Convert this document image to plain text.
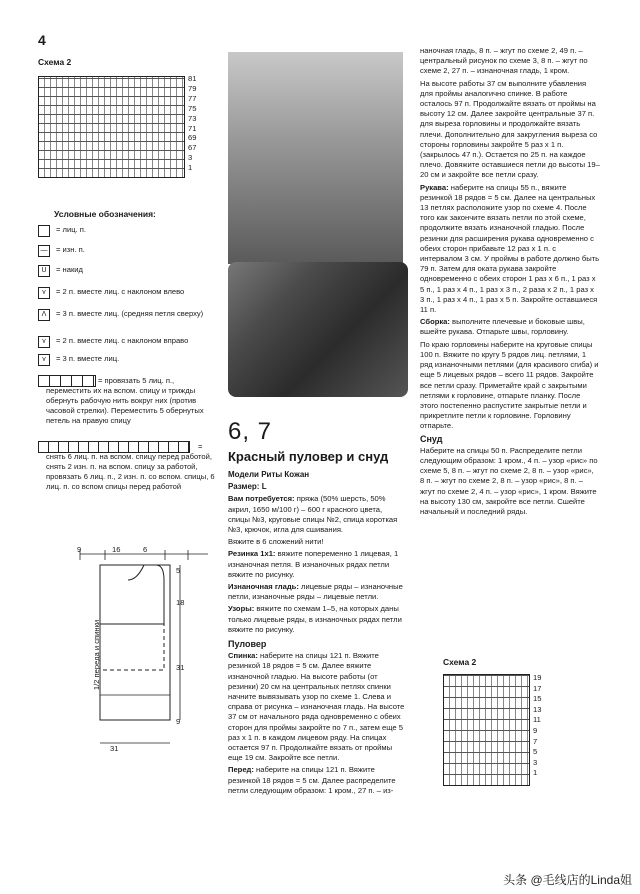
4
Схема 2
81
79
77
75
73
71
69
67
3
1
Условные обозначения:
= лиц. п.
—	= изн. п.
U	= накид
⋎	= 2 п. вместе лиц. с наклоном влево
Λ	= 3 п. вместе лиц. (средняя петля сверху)
⋎	= 2 п. вместе лиц. с наклоном вправо
⋎	= 3 п. вместе лиц.
= провязать 5 лиц. п., переместить их на вспом. спицу и трижды обернуть рабочую нить вокруг них (против часовой стрелки). Переместить 5 обернутых петель на правую спицу
= снять 6 лиц. п. на вспом. спицу перед работой, снять 2 изн. п. на вспом. спицу за работой, провязать 6 лиц. п., 2 изн. п. со вспом. спицы, 6 лиц. п. со вспом спицы перед работой
9	16	6
5
18
31
9
31
1/2 переда и спинки
6, 7
Красный пуловер и снуд

Модели Риты Кожан

Размер: L

Вам потребуется: пряжа (50% шерсть, 50% акрил, 1650 м/100 г) – 600 г красного цвета, спицы №3, круговые спицы №2, спица короткая №3, крючок, игла для сшивания.

Вяжите в 6 сложений нити!

Резинка 1х1: вяжите попеременно 1 лицевая, 1 изнаночная петля. В изнаночных рядах петли вяжите по рисунку.

Изнаночная гладь: лицевые ряды – изнаночные петли, изнаночные ряды – лицевые петли.

Узоры: вяжите по схемам 1–5, на которых даны только лицевые ряды, в изнаночных рядах петли вяжите по рисунку.

Пуловер

Спинка: наберите на спицы 121 п. Вяжите резинкой 18 рядов = 5 см. Далее вяжите изнаночной гладью. На высоте работы (от резинки) 20 см на центральных петлях спинки начните вывязывать узор по схеме 1. Слева и справа от рисунка – изнаночная гладь. На высоте 37 см от начального ряда одновременно с обеих сторон для проймы закройте по 7 п., затем еще 5 раз х 1 п. в каждом лицевом ряду. На спицах остается 97 п. Продолжайте вязать от проймы еще 19 см. Закройте все петли.

Перед: наберите на спицы 121 п. Вяжите резинкой 18 рядов = 5 см. Далее распределите петли следующим образом: 1 кром., 27 п. – из-

наночная гладь, 8 п. – жгут по схеме 2, 49 п. – центральный рисунок по схеме 3, 8 п. – жгут по схеме 2, 27 п. – изнаночная гладь, 1 кром.

На высоте работы 37 см выполните убавления для проймы аналогично спинке. В работе осталось 97 п. Продолжайте вязать от проймы на высоту 12 см. Далее закройте центральные 37 п. для выреза горловины и продолжайте вязать плечи. Дополнительно для закругления выреза со стороны горловины закройте 5 раз х 1 п. (закрылось 47 п.). Остается по 25 п. на каждое плечо. Довяжите оставшиеся петли до высоты 19–20 см и закройте все петли сразу.

Рукава: наберите на спицы 55 п., вяжите резинкой 18 рядов = 5 см. Далее на центральных 13 петлях расположите узор по схеме 4. После того как закончите вязать петли по этой схеме, продолжите вязать изнаночной гладью. После резинки для расширения рукава одновременно с обеих сторон прибавьте 12 раз х 1 п. с интервалом 3 см. У проймы в работе должно быть 79 п. Затем для оката рукава закройте одновременно с обеих сторон 1 раз х 6 п., 1 раз х 5 п., 1 раз х 4 п., 1 раз х 3 п., 2 раза х 2 п., 1 раз х 3 п., 1 раз х 4 п., 1 раз х 5 п. Закройте оставшиеся 11 п.

Сборка: выполните плечевые и боковые швы, вшейте рукава. Отпарьте швы, горловину.

По краю горловины наберите на круговые спицы 100 п. Вяжите по кругу 5 рядов лиц. петлями, 1 ряд изнаночными петлями (для красивого сгиба) и еще 5 лицевых рядов – всего 11 рядов. Закройте все петли сразу. Приметайте край с закрытыми петлями к горловине, отпарьте планку. После этого постепенно распустите закрытые петли и прикретлите петли к горловине. Горловину отпарьте.

Снуд

Наберите на спицы 50 п. Распределите петли следующим образом: 1 кром., 4 п. – узор «рис» по схеме 5, 8 п. – жгут по схеме 2, 8 п. – узор «рис», 8 п. – жгут по схеме 2, 8 п. – узор «рис», 8 п. – жгут по схеме 2, 4 п. – узор «рис», 1 кром. Вяжите на высоту 130 см, закройте все петли. Сшейте начальный и последний ряды.

Схема 2
19
17
15
13
11
9
7
5
3
1
头条 @毛线店的Linda姐
